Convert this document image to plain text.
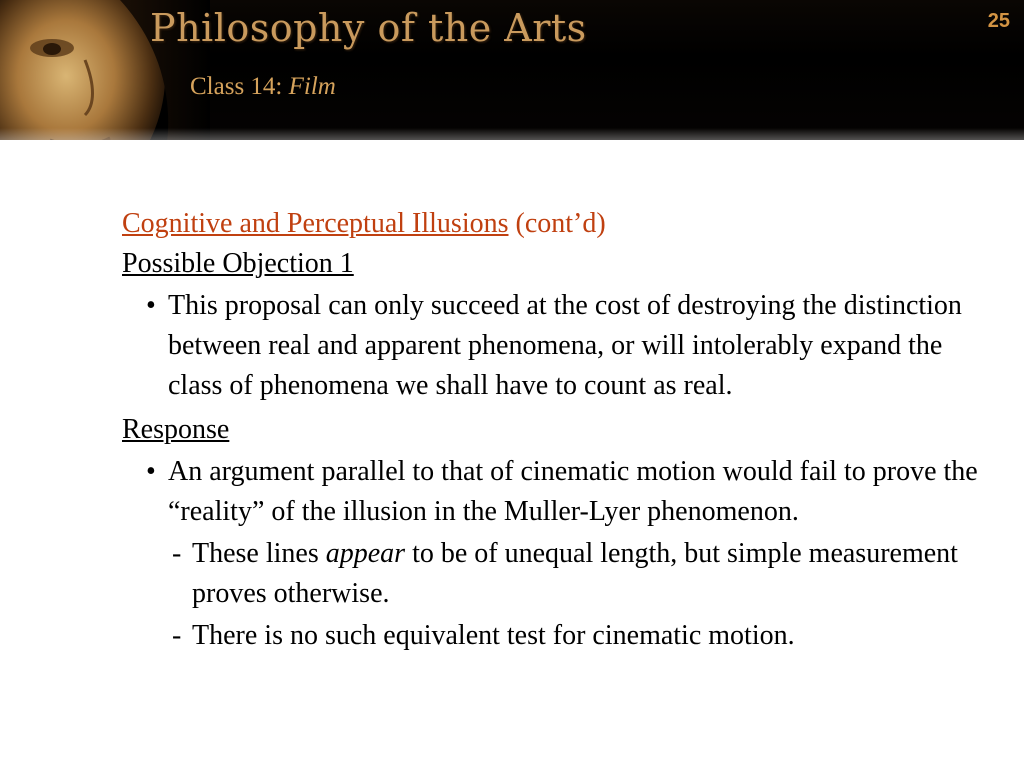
Philosophy of the Arts
Class 14: Film
25
Cognitive and Perceptual Illusions (cont’d)
Possible Objection 1
• This proposal can only succeed at the cost of destroying the distinction between real and apparent phenomena, or will intolerably expand the class of phenomena we shall have to count as real.
Response
• An argument parallel to that of cinematic motion would fail to prove the “reality” of the illusion in the Muller-Lyer phenomenon.
- These lines appear to be of unequal length, but simple measurement proves otherwise.
- There is no such equivalent test for cinematic motion.
